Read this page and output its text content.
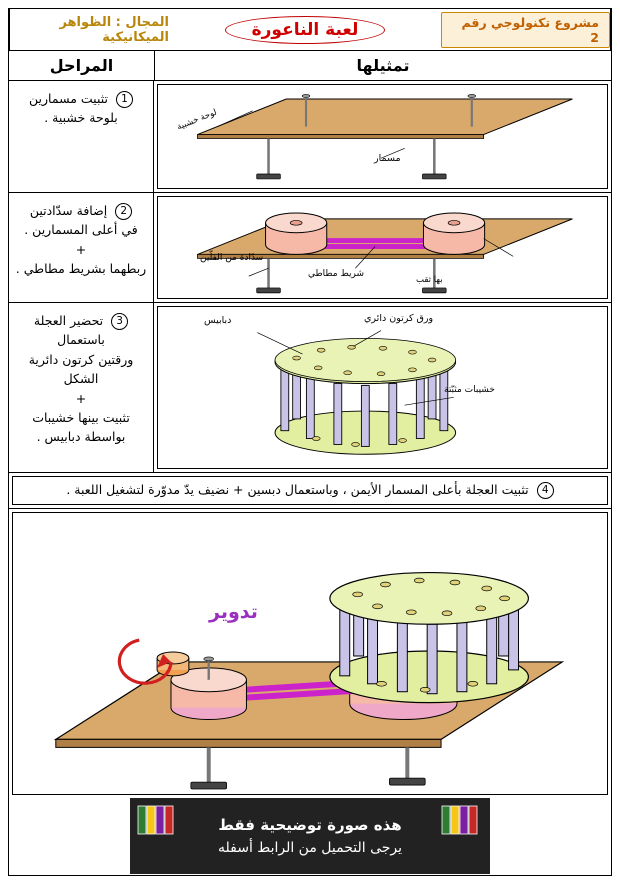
مشروع تكنولوجي رقم 2
لعبة الناعورة
المجال : الظواهر الميكانيكية
تمثيلها
المراحل
لوحة خشبية
مسمار
1 تثبيت مسمارين
بلوحة خشبية .
سدّادة من الفلّين
شريط مطاطي
بها ثقب
2 إضافة سدّادتين
في أعلى المسمارين .
+
ربطهما بشريط مطاطي .
دبابيس	ورق كرتون دائري
خشيبات مثبّتة
3 تحضير العجلة باستعمال
ورقتين كرتون دائرية الشكل
+
تثبيت بينها خشيبات
بواسطة دبابيس .
4 تثبيت العجلة بأعلى المسمار الأيمن ، وباستعمال دبسين + نضيف يدّ مدوّرة لتشغيل اللعبة .
تدوير
هذه صورة توضيحية فقط
يرجى التحميل من الرابط أسفله
